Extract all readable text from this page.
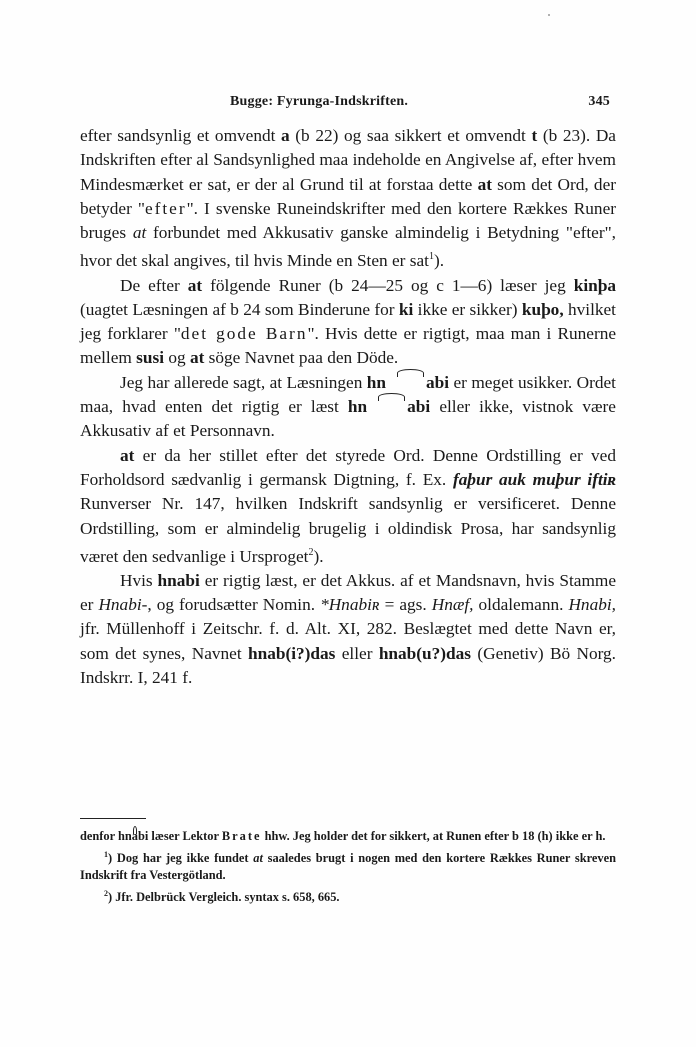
Bugge: Fyrunga-Indskriften.	345

efter sandsynlig et omvendt a (b 22) og saa sikkert et omvendt t (b 23). Da Indskriften efter al Sandsynlighed maa indeholde en Angivelse af, efter hvem Mindesmærket er sat, er der al Grund til at forstaa dette at som det Ord, der betyder "efter". I svenske Runeindskrifter med den kortere Rækkes Runer bruges at forbundet med Akkusativ ganske almindelig i Betydning "efter", hvor det skal angives, til hvis Minde en Sten er sat$^1$).

De efter at fölgende Runer (b 24—25 og c 1—6) læser jeg kinþa (uagtet Læsningen af b 24 som Binderune for ki ikke er sikker) kuþo, hvilket jeg forklarer "det gode Barn". Hvis dette er rigtigt, maa man i Runerne mellem susi og at söge Navnet paa den Döde.

Jeg har allerede sagt, at Læsningen hn abi er meget usikker. Ordet maa, hvad enten det rigtig er læst hn abi eller ikke, vistnok være Akkusativ af et Personnavn.

at er da her stillet efter det styrede Ord. Denne Ordstilling er ved Forholdsord sædvanlig i germansk Digtning, f. Ex. faþur auk muþur iftiʀ Runverser Nr. 147, hvilken Indskrift sandsynlig er versificeret. Denne Ordstilling, som er almindelig brugelig i oldindisk Prosa, har sandsynlig været den sedvanlige i Ursproget$^2$).

Hvis hnabi er rigtig læst, er det Akkus. af et Mandsnavn, hvis Stamme er Hnabi-, og forudsætter Nomin. *Hnabiʀ = ags. Hnæf, oldalemann. Hnabi, jfr. Müllenhoff i Zeitschr. f. d. Alt. XI, 282. Beslægtet med dette Navn er, som det synes, Navnet hnab(i?)das eller hnab(u?)das (Genetiv) Bö Norg. Indskrr. I, 241 f.

denfor hnabi læser Lektor Brate hhw. Jeg holder det for sikkert, at Runen efter b 18 (h) ikke er h.

$^1$) Dog har jeg ikke fundet at saaledes brugt i nogen med den kortere Rækkes Runer skreven Indskrift fra Vestergötland.

$^2$) Jfr. Delbrück Vergleich. syntax s. 658, 665.
